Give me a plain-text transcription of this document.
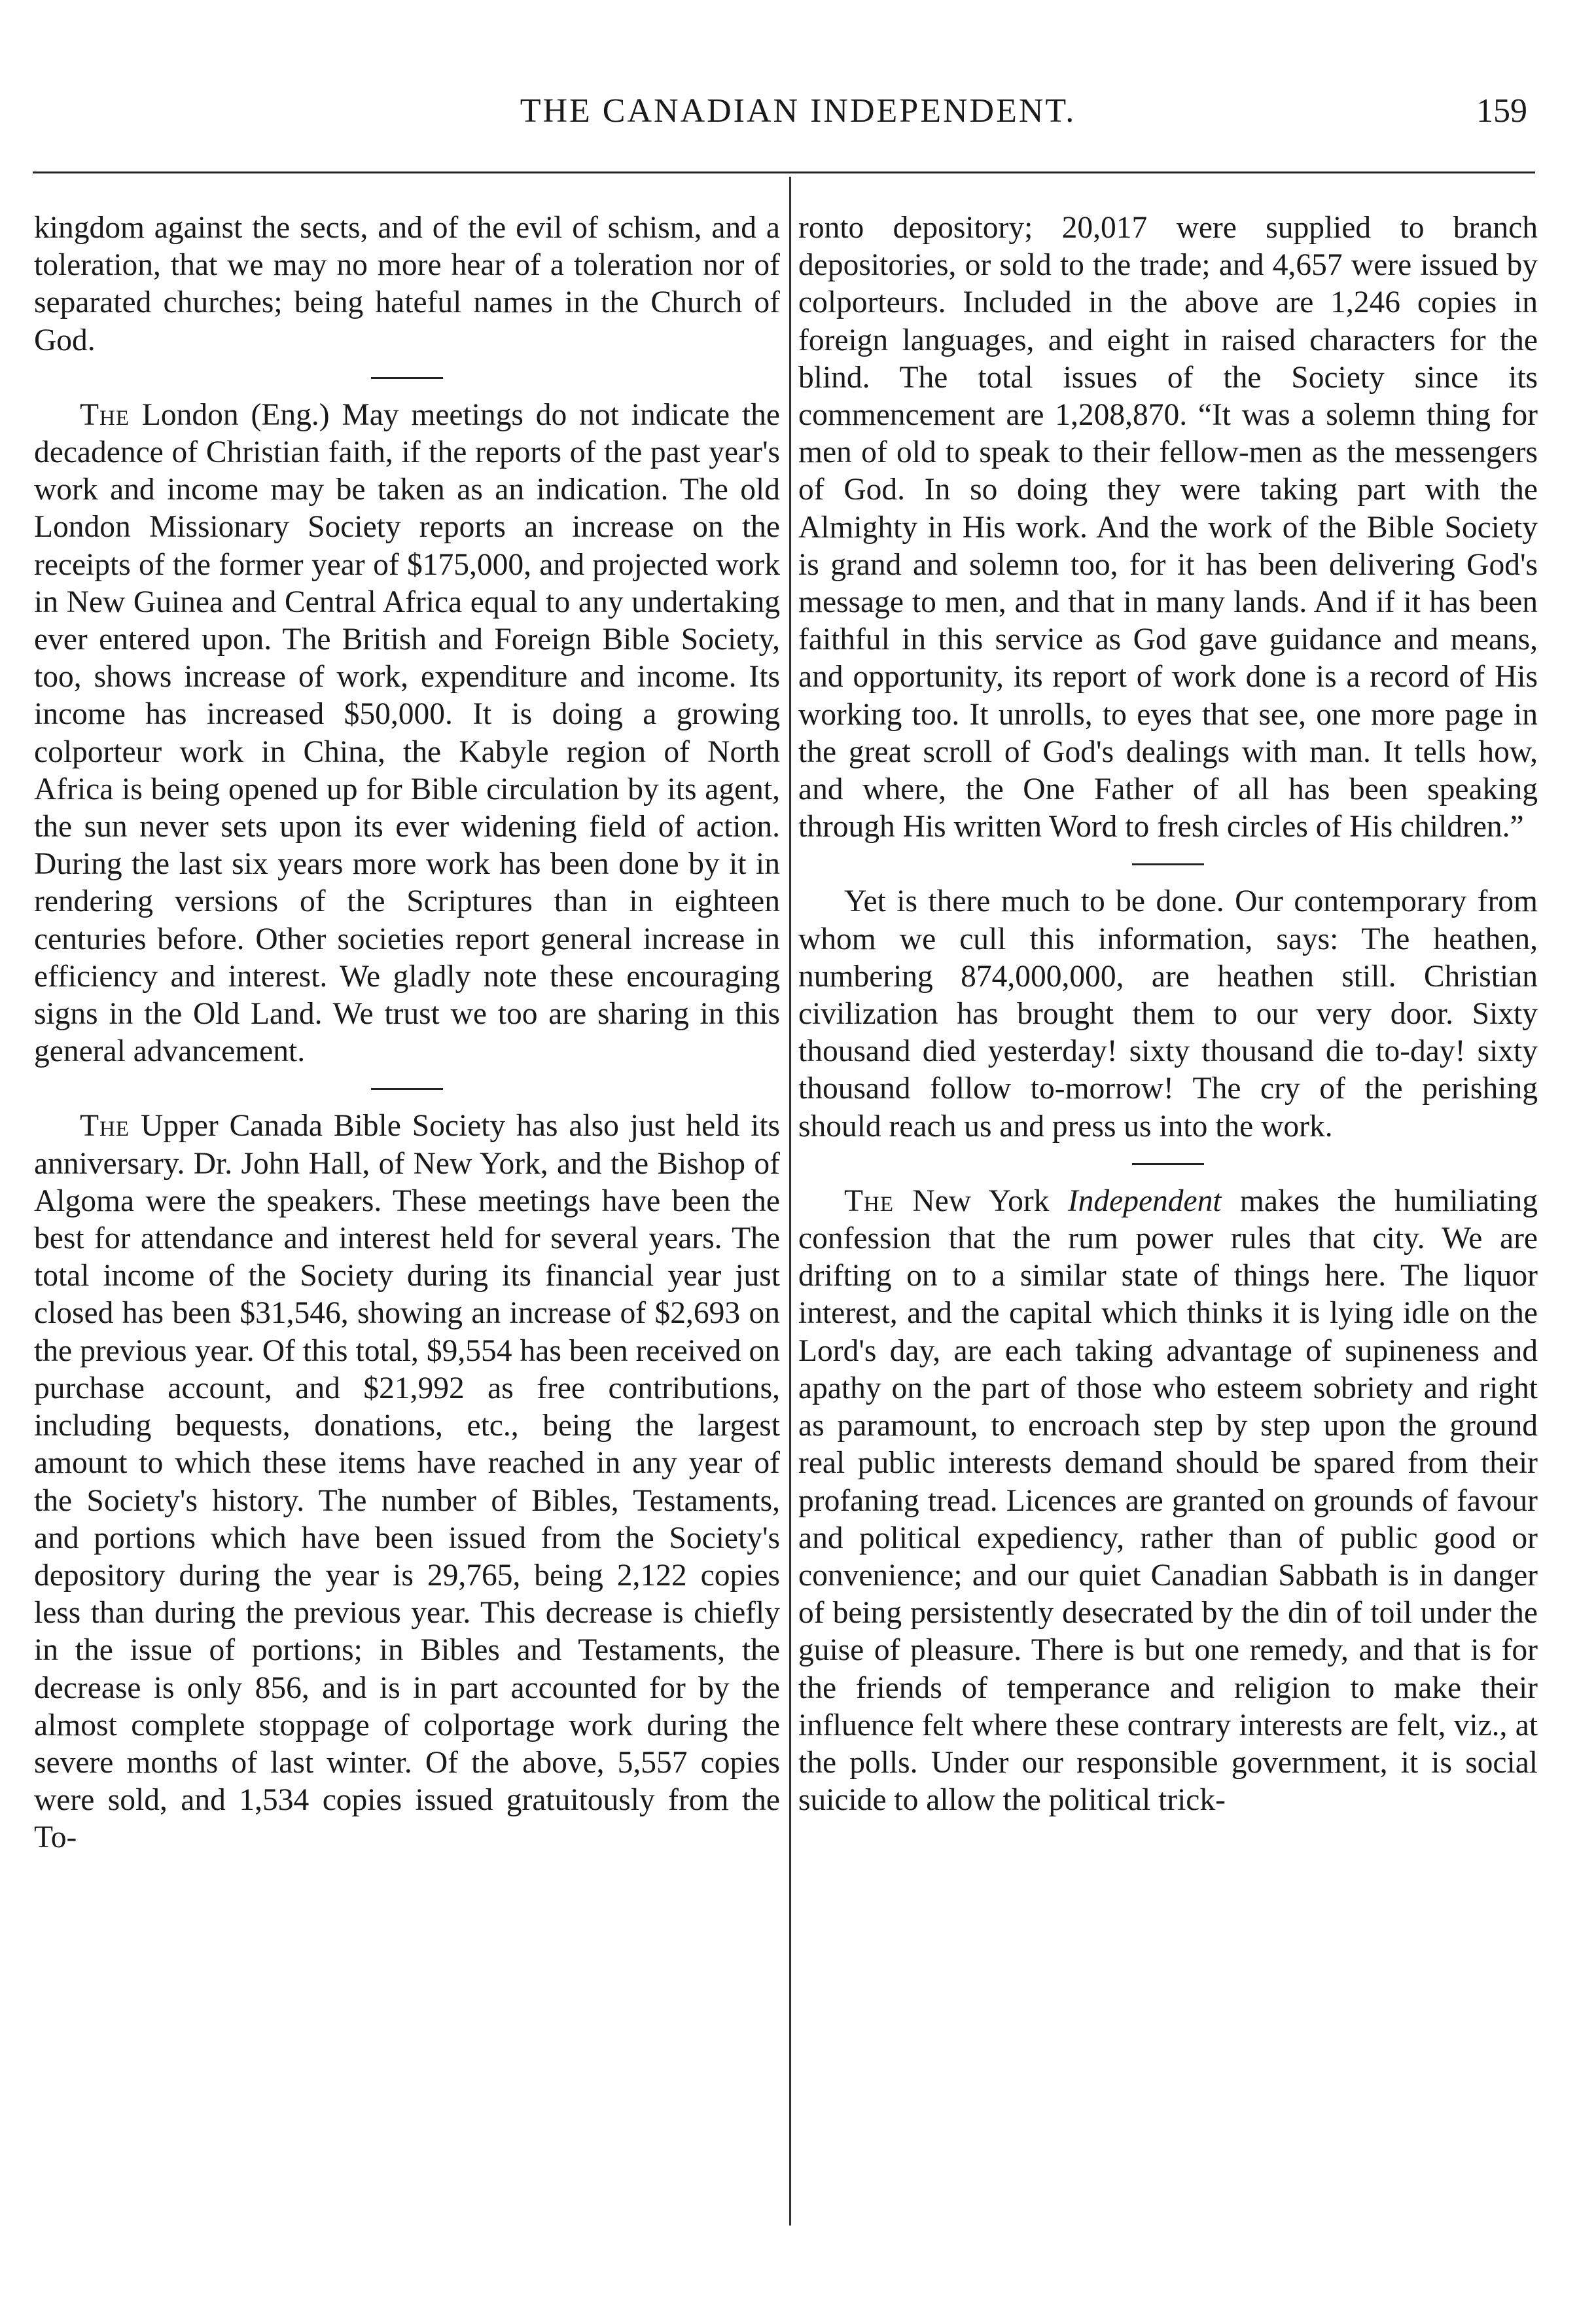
THE CANADIAN INDEPENDENT.	159

kingdom against the sects, and of the evil of schism, and a toleration, that we may no more hear of a toleration nor of separated churches; being hateful names in the Church of God.

The London (Eng.) May meetings do not indicate the decadence of Christian faith, if the reports of the past year's work and income may be taken as an indication. The old London Missionary Society reports an increase on the receipts of the former year of $175,000, and projected work in New Guinea and Central Africa equal to any undertaking ever entered upon. The British and Foreign Bible Society, too, shows increase of work, expenditure and income. Its income has increased $50,000. It is doing a growing colporteur work in China, the Kabyle region of North Africa is being opened up for Bible circulation by its agent, the sun never sets upon its ever widening field of action. During the last six years more work has been done by it in rendering versions of the Scriptures than in eighteen centuries before. Other societies report general increase in efficiency and interest. We gladly note these encouraging signs in the Old Land. We trust we too are sharing in this general advancement.

The Upper Canada Bible Society has also just held its anniversary. Dr. John Hall, of New York, and the Bishop of Algoma were the speakers. These meetings have been the best for attendance and interest held for several years. The total income of the Society during its financial year just closed has been $31,546, showing an increase of $2,693 on the previous year. Of this total, $9,554 has been received on purchase account, and $21,992 as free contributions, including bequests, donations, etc., being the largest amount to which these items have reached in any year of the Society's history. The number of Bibles, Testaments, and portions which have been issued from the Society's depository during the year is 29,765, being 2,122 copies less than during the previous year. This decrease is chiefly in the issue of portions; in Bibles and Testaments, the decrease is only 856, and is in part accounted for by the almost complete stoppage of colportage work during the severe months of last winter. Of the above, 5,557 copies were sold, and 1,534 copies issued gratuitously from the To-

ronto depository; 20,017 were supplied to branch depositories, or sold to the trade; and 4,657 were issued by colporteurs. Included in the above are 1,246 copies in foreign languages, and eight in raised characters for the blind. The total issues of the Society since its commencement are 1,208,870. “It was a solemn thing for men of old to speak to their fellow-men as the messengers of God. In so doing they were taking part with the Almighty in His work. And the work of the Bible Society is grand and solemn too, for it has been delivering God's message to men, and that in many lands. And if it has been faithful in this service as God gave guidance and means, and opportunity, its report of work done is a record of His working too. It unrolls, to eyes that see, one more page in the great scroll of God's dealings with man. It tells how, and where, the One Father of all has been speaking through His written Word to fresh circles of His children.”

Yet is there much to be done. Our contemporary from whom we cull this information, says: The heathen, numbering 874,000,000, are heathen still. Christian civilization has brought them to our very door. Sixty thousand died yesterday! sixty thousand die to-day! sixty thousand follow to-morrow! The cry of the perishing should reach us and press us into the work.

The New York Independent makes the humiliating confession that the rum power rules that city. We are drifting on to a similar state of things here. The liquor interest, and the capital which thinks it is lying idle on the Lord's day, are each taking advantage of supineness and apathy on the part of those who esteem sobriety and right as paramount, to encroach step by step upon the ground real public interests demand should be spared from their profaning tread. Licences are granted on grounds of favour and political expediency, rather than of public good or convenience; and our quiet Canadian Sabbath is in danger of being persistently desecrated by the din of toil under the guise of pleasure. There is but one remedy, and that is for the friends of temperance and religion to make their influence felt where these contrary interests are felt, viz., at the polls. Under our responsible government, it is social suicide to allow the political trick-
